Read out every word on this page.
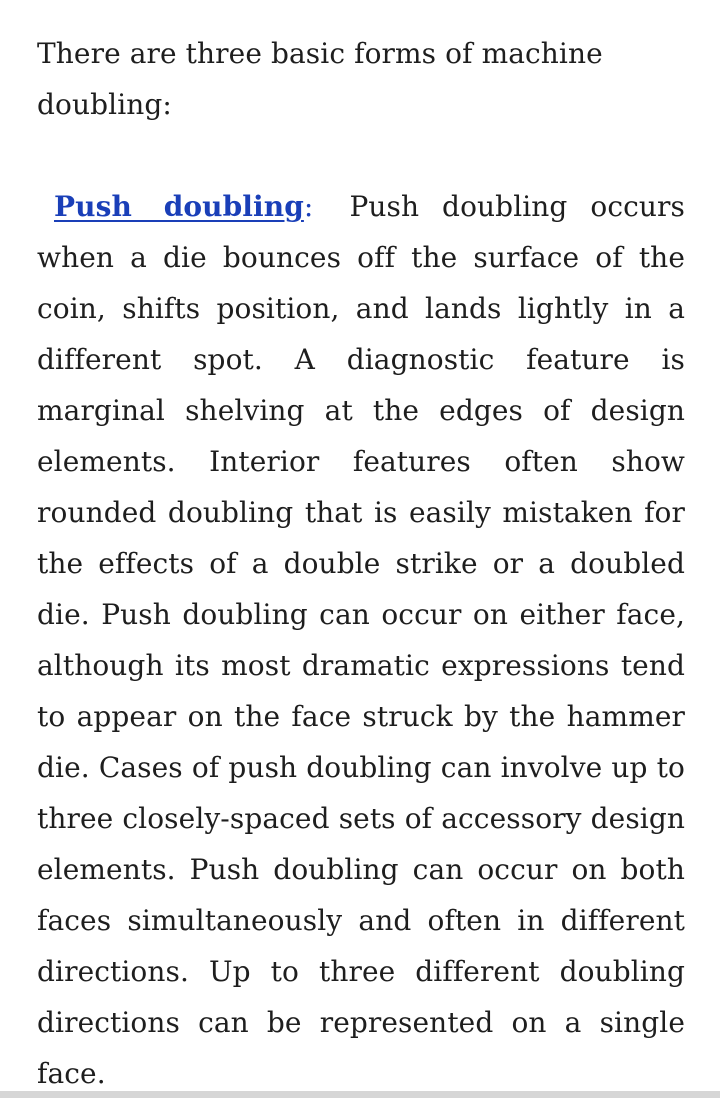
There are three basic forms of machine doubling:

Push doubling: Push doubling occurs when a die bounces off the surface of the coin, shifts position, and lands lightly in a different spot. A diagnostic feature is marginal shelving at the edges of design elements. Interior features often show rounded doubling that is easily mistaken for the effects of a double strike or a doubled die. Push doubling can occur on either face, although its most dramatic expressions tend to appear on the face struck by the hammer die. Cases of push doubling can involve up to three closely-spaced sets of accessory design elements. Push doubling can occur on both faces simultaneously and often in different directions. Up to three different doubling directions can be represented on a single face.
